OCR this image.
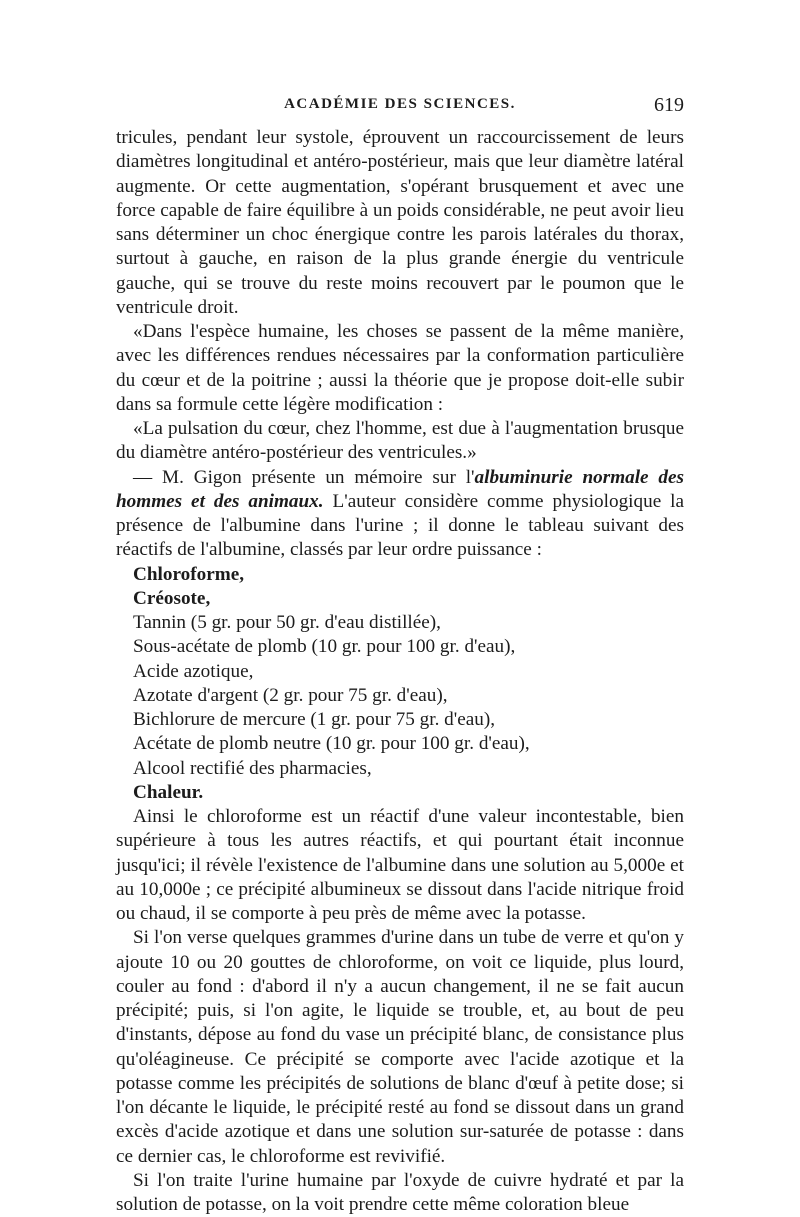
ACADÉMIE DES SCIENCES.	619

tricules, pendant leur systole, éprouvent un raccourcissement de leurs diamètres longitudinal et antéro-postérieur, mais que leur diamètre latéral augmente. Or cette augmentation, s'opérant brusquement et avec une force capable de faire équilibre à un poids considérable, ne peut avoir lieu sans déterminer un choc énergique contre les parois latérales du thorax, surtout à gauche, en raison de la plus grande énergie du ventricule gauche, qui se trouve du reste moins recouvert par le poumon que le ventricule droit.

«Dans l'espèce humaine, les choses se passent de la même manière, avec les différences rendues nécessaires par la conformation particulière du cœur et de la poitrine ; aussi la théorie que je propose doit-elle subir dans sa formule cette légère modification :

«La pulsation du cœur, chez l'homme, est due à l'augmentation brusque du diamètre antéro-postérieur des ventricules.»

— M. Gigon présente un mémoire sur l'albuminurie normale des hommes et des animaux. L'auteur considère comme physiologique la présence de l'albumine dans l'urine ; il donne le tableau suivant des réactifs de l'albumine, classés par leur ordre puissance :

Chloroforme,
Créosote,
Tannin (5 gr. pour 50 gr. d'eau distillée),
Sous-acétate de plomb (10 gr. pour 100 gr. d'eau),
Acide azotique,
Azotate d'argent (2 gr. pour 75 gr. d'eau),
Bichlorure de mercure (1 gr. pour 75 gr. d'eau),
Acétate de plomb neutre (10 gr. pour 100 gr. d'eau),
Alcool rectifié des pharmacies,
Chaleur.

Ainsi le chloroforme est un réactif d'une valeur incontestable, bien supérieure à tous les autres réactifs, et qui pourtant était inconnue jusqu'ici; il révèle l'existence de l'albumine dans une solution au 5,000e et au 10,000e ; ce précipité albumineux se dissout dans l'acide nitrique froid ou chaud, il se comporte à peu près de même avec la potasse.

Si l'on verse quelques grammes d'urine dans un tube de verre et qu'on y ajoute 10 ou 20 gouttes de chloroforme, on voit ce liquide, plus lourd, couler au fond : d'abord il n'y a aucun changement, il ne se fait aucun précipité; puis, si l'on agite, le liquide se trouble, et, au bout de peu d'instants, dépose au fond du vase un précipité blanc, de consistance plus qu'oléagineuse. Ce précipité se comporte avec l'acide azotique et la potasse comme les précipités de solutions de blanc d'œuf à petite dose; si l'on décante le liquide, le précipité resté au fond se dissout dans un grand excès d'acide azotique et dans une solution sur-saturée de potasse : dans ce dernier cas, le chloroforme est revivifié.

Si l'on traite l'urine humaine par l'oxyde de cuivre hydraté et par la solution de potasse, on la voit prendre cette même coloration bleue
